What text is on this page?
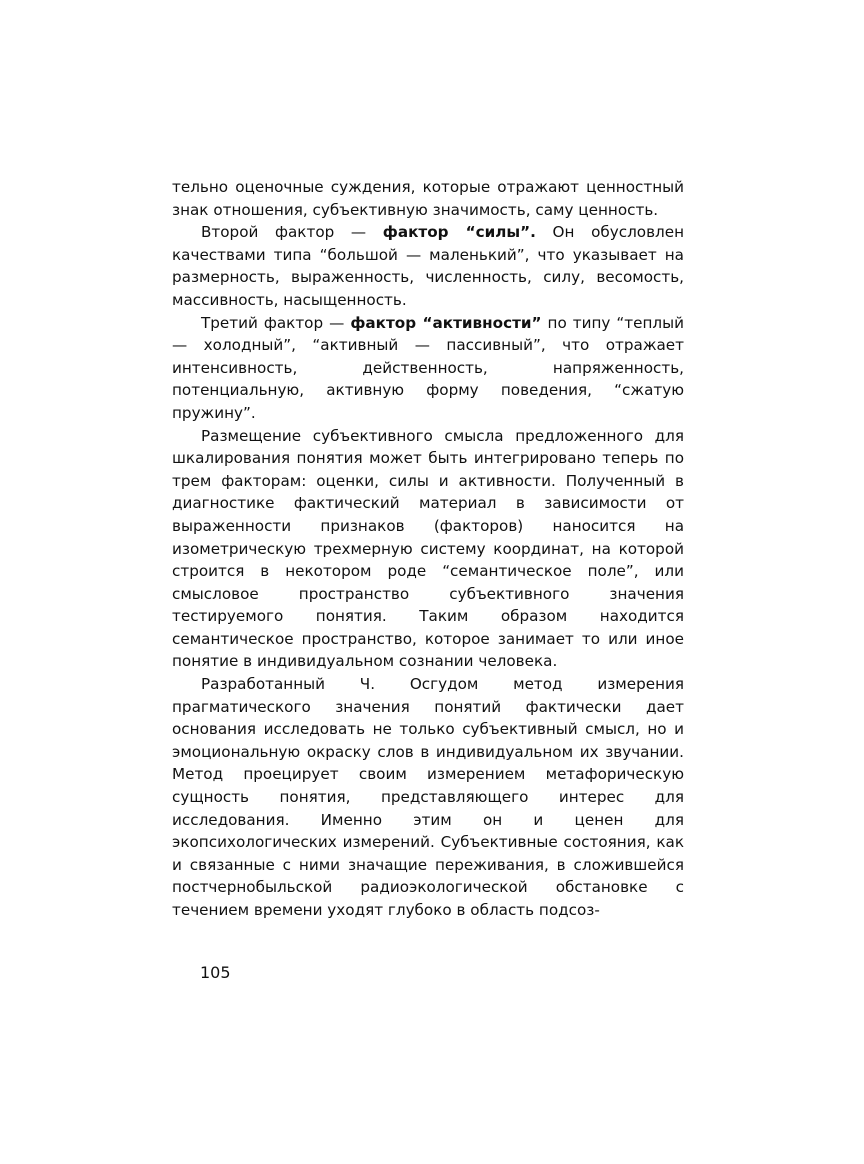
тельно оценочные суждения, которые отражают ценностный знак отношения, субъективную значимость, саму ценность.

Второй фактор — фактор “силы”. Он обусловлен качествами типа “большой — маленький”, что указывает на размерность, выраженность, численность, силу, весомость, массивность, насыщенность.

Третий фактор — фактор “активности” по типу “теплый — холодный”, “активный — пассивный”, что отражает интенсивность, действенность, напряженность, потенциальную, активную форму поведения, “сжатую пружину”.

Размещение субъективного смысла предложенного для шкалирования понятия может быть интегрировано теперь по трем факторам: оценки, силы и активности. Полученный в диагностике фактический материал в зависимости от выраженности признаков (факторов) наносится на изометрическую трехмерную систему координат, на которой строится в некотором роде “семантическое поле”, или смысловое пространство субъективного значения тестируемого понятия. Таким образом находится семантическое пространство, которое занимает то или иное понятие в индивидуальном сознании человека.

Разработанный Ч. Осгудом метод измерения прагматического значения понятий фактически дает основания исследовать не только субъективный смысл, но и эмоциональную окраску слов в индивидуальном их звучании. Метод проецирует своим измерением метафорическую сущность понятия, представляющего интерес для исследования. Именно этим он и ценен для экопсихологических измерений. Субъективные состояния, как и связанные с ними значащие переживания, в сложившейся постчернобыльской радиоэкологической обстановке с течением времени уходят глубоко в область подсоз-

105
